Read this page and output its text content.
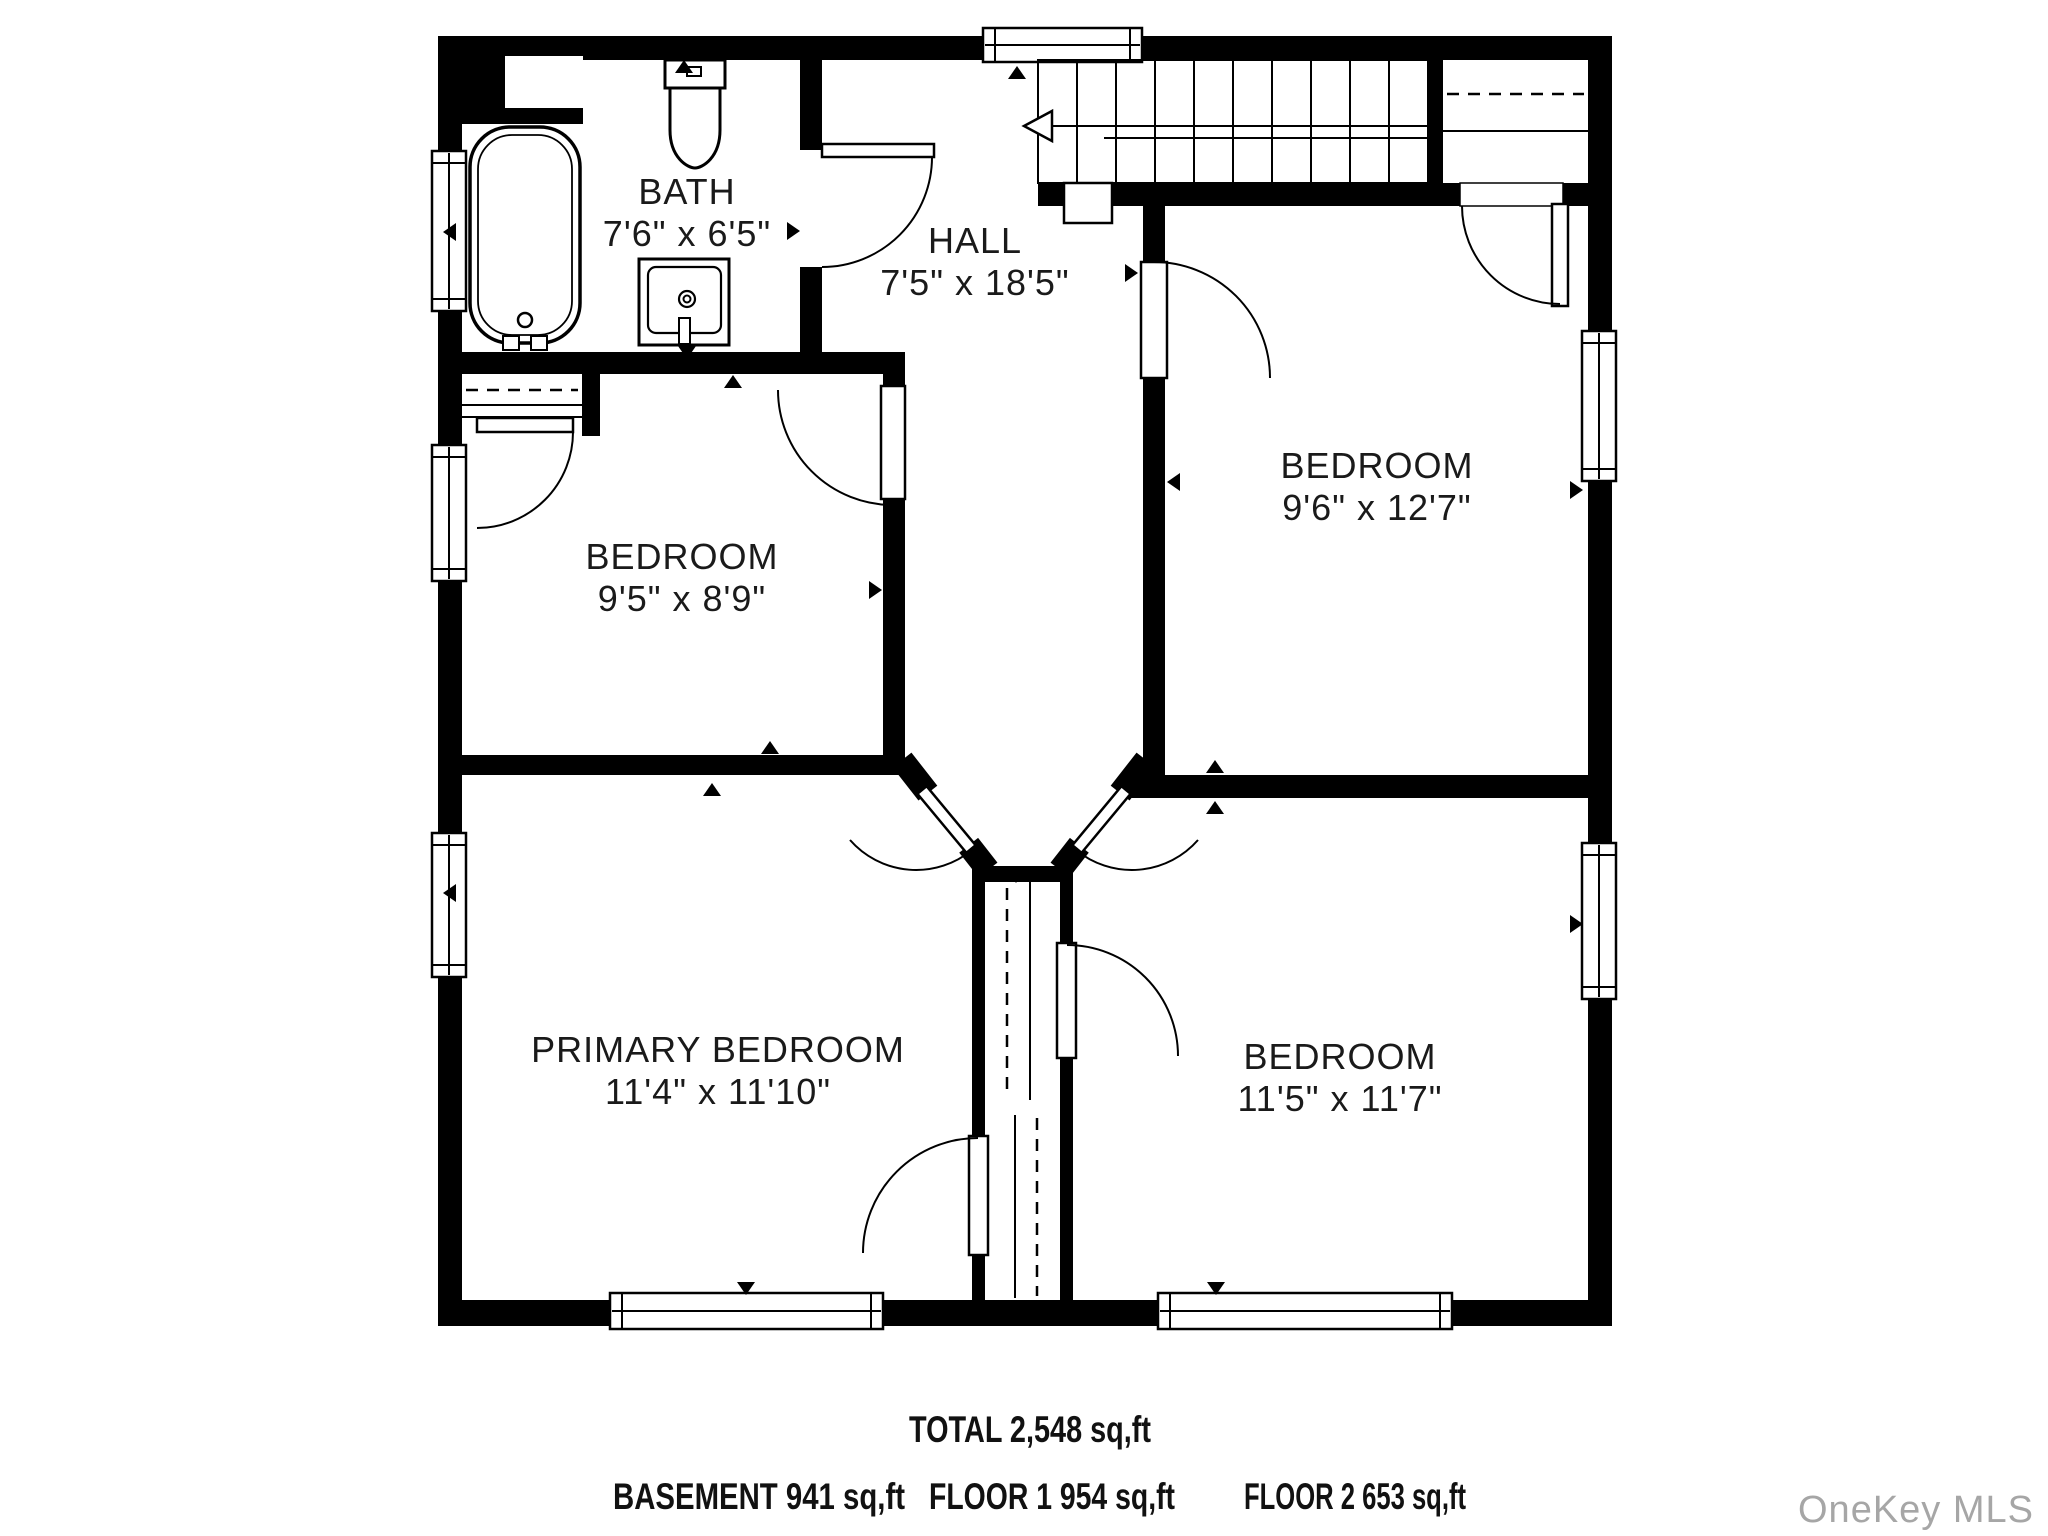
BATH
7'6" x 6'5"	HALL
7'5" x 18'5"
BEDROOM
9'6" x 12'7"
BEDROOM
9'5" x 8'9"
PRIMARY BEDROOM
11'4" x 11'10"
BEDROOM
11'5" x 11'7"
TOTAL 2,548 sq,ft
BASEMENT 941 sq,ft FLOOR 1 954 sq,ft FLOOR 2 653 sq,ft	OneKey MLS
